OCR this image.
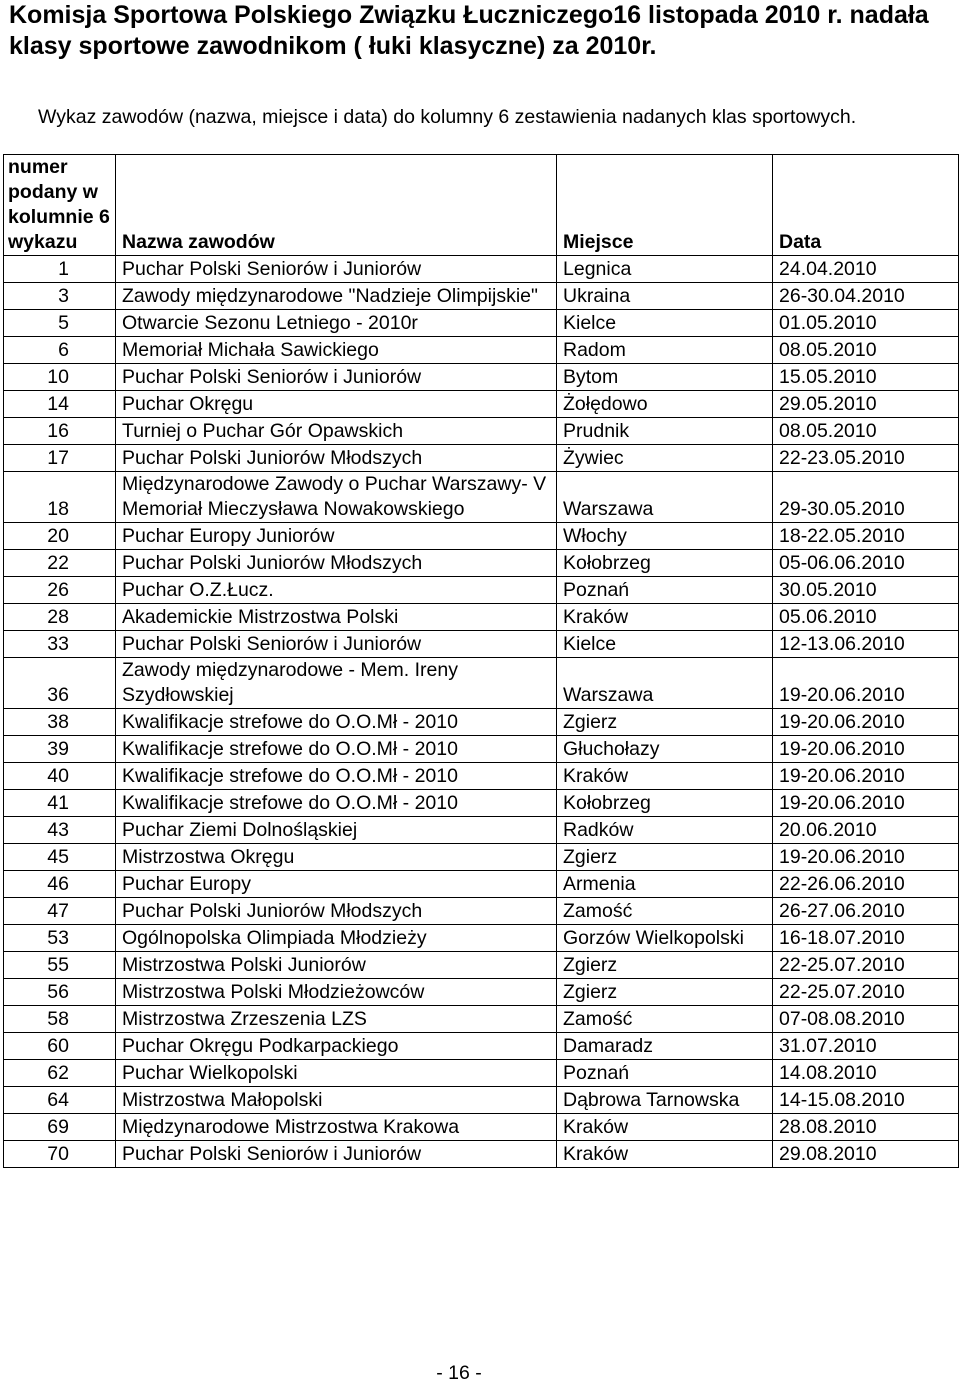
Komisja Sportowa Polskiego Związku Łuczniczego16 listopada 2010 r. nadała klasy sportowe zawodnikom ( łuki klasyczne) za 2010r.
Wykaz zawodów (nazwa, miejsce i data) do kolumny 6 zestawienia nadanych klas sportowych.
numer podany w kolumnie 6 wykazu	Nazwa zawodów	Miejsce	Data
1	Puchar Polski Seniorów i Juniorów	Legnica	24.04.2010
3	Zawody międzynarodowe "Nadzieje Olimpijskie"	Ukraina	26-30.04.2010
5	Otwarcie Sezonu Letniego - 2010r	Kielce	01.05.2010
6	Memoriał Michała Sawickiego	Radom	08.05.2010
10	Puchar Polski Seniorów i Juniorów	Bytom	15.05.2010
14	Puchar Okręgu	Żołędowo	29.05.2010
16	Turniej o Puchar Gór Opawskich	Prudnik	08.05.2010
17	Puchar Polski Juniorów Młodszych	Żywiec	22-23.05.2010
18	Międzynarodowe Zawody o Puchar Warszawy- V Memoriał Mieczysława Nowakowskiego	Warszawa	29-30.05.2010
20	Puchar Europy Juniorów	Włochy	18-22.05.2010
22	Puchar Polski Juniorów Młodszych	Kołobrzeg	05-06.06.2010
26	Puchar O.Z.Łucz.	Poznań	30.05.2010
28	Akademickie Mistrzostwa Polski	Kraków	05.06.2010
33	Puchar Polski Seniorów i Juniorów	Kielce	12-13.06.2010
36	Zawody międzynarodowe - Mem. Ireny Szydłowskiej	Warszawa	19-20.06.2010
38	Kwalifikacje strefowe do O.O.Mł - 2010	Zgierz	19-20.06.2010
39	Kwalifikacje strefowe do O.O.Mł - 2010	Głuchołazy	19-20.06.2010
40	Kwalifikacje strefowe do O.O.Mł - 2010	Kraków	19-20.06.2010
41	Kwalifikacje strefowe do O.O.Mł - 2010	Kołobrzeg	19-20.06.2010
43	Puchar Ziemi Dolnośląskiej	Radków	20.06.2010
45	Mistrzostwa Okręgu	Zgierz	19-20.06.2010
46	Puchar Europy	Armenia	22-26.06.2010
47	Puchar Polski Juniorów Młodszych	Zamość	26-27.06.2010
53	Ogólnopolska Olimpiada Młodzieży	Gorzów Wielkopolski	16-18.07.2010
55	Mistrzostwa Polski Juniorów	Zgierz	22-25.07.2010
56	Mistrzostwa Polski Młodzieżowców	Zgierz	22-25.07.2010
58	Mistrzostwa Zrzeszenia LZS	Zamość	07-08.08.2010
60	Puchar Okręgu Podkarpackiego	Damaradz	31.07.2010
62	Puchar Wielkopolski	Poznań	14.08.2010
64	Mistrzostwa Małopolski	Dąbrowa Tarnowska	14-15.08.2010
69	Międzynarodowe Mistrzostwa Krakowa	Kraków	28.08.2010
70	Puchar Polski Seniorów i Juniorów	Kraków	29.08.2010
- 16 -
